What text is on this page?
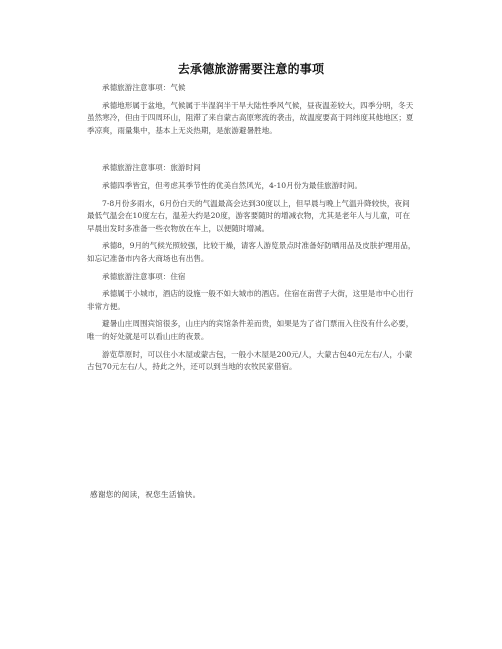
去承德旅游需要注意的事项

承德旅游注意事项：气候

承德地形属于盆地，气候属于半湿润半干旱大陆性季风气候，昼夜温差较大，四季分明，冬天虽然寒冷，但由于四周环山，阻滞了来自蒙古高原寒流的袭击，故温度要高于同纬度其他地区；夏季凉爽，雨量集中，基本上无炎热期，是旅游避暑胜地。

承德旅游注意事项：旅游时间

承德四季皆宜，但考虑其季节性的优美自然风光，4-10月份为最佳旅游时间。

7-8月份多雨水，6月份白天的气温最高会达到30度以上，但早晨与晚上气温升降较快，夜间最低气温会在10度左右，温差大约是20度，游客要随时的增减衣物，尤其是老年人与儿童，可在早晨出发时多准备一些衣物放在车上，以便随时增减。

承德8，9月的气候光照较强，比较干燥，请客人游览景点时准备好防晒用品及皮肤护理用品，如忘记准备市内各大商场也有出售。

承德旅游注意事项：住宿

承德属于小城市，酒店的设施一般不如大城市的酒店。住宿在南营子大街，这里是市中心出行非常方便。

避暑山庄周围宾馆很多，山庄内的宾馆条件差而贵，如果是为了省门票而入住没有什么必要，唯一的好处就是可以看山庄的夜景。

游览草原时，可以住小木屋或蒙古包，一般小木屋是200元/人，大蒙古包40元左右/人，小蒙古包70元左右/人，持此之外，还可以到当地的农牧民家借宿。

感谢您的阅读，祝您生活愉快。
